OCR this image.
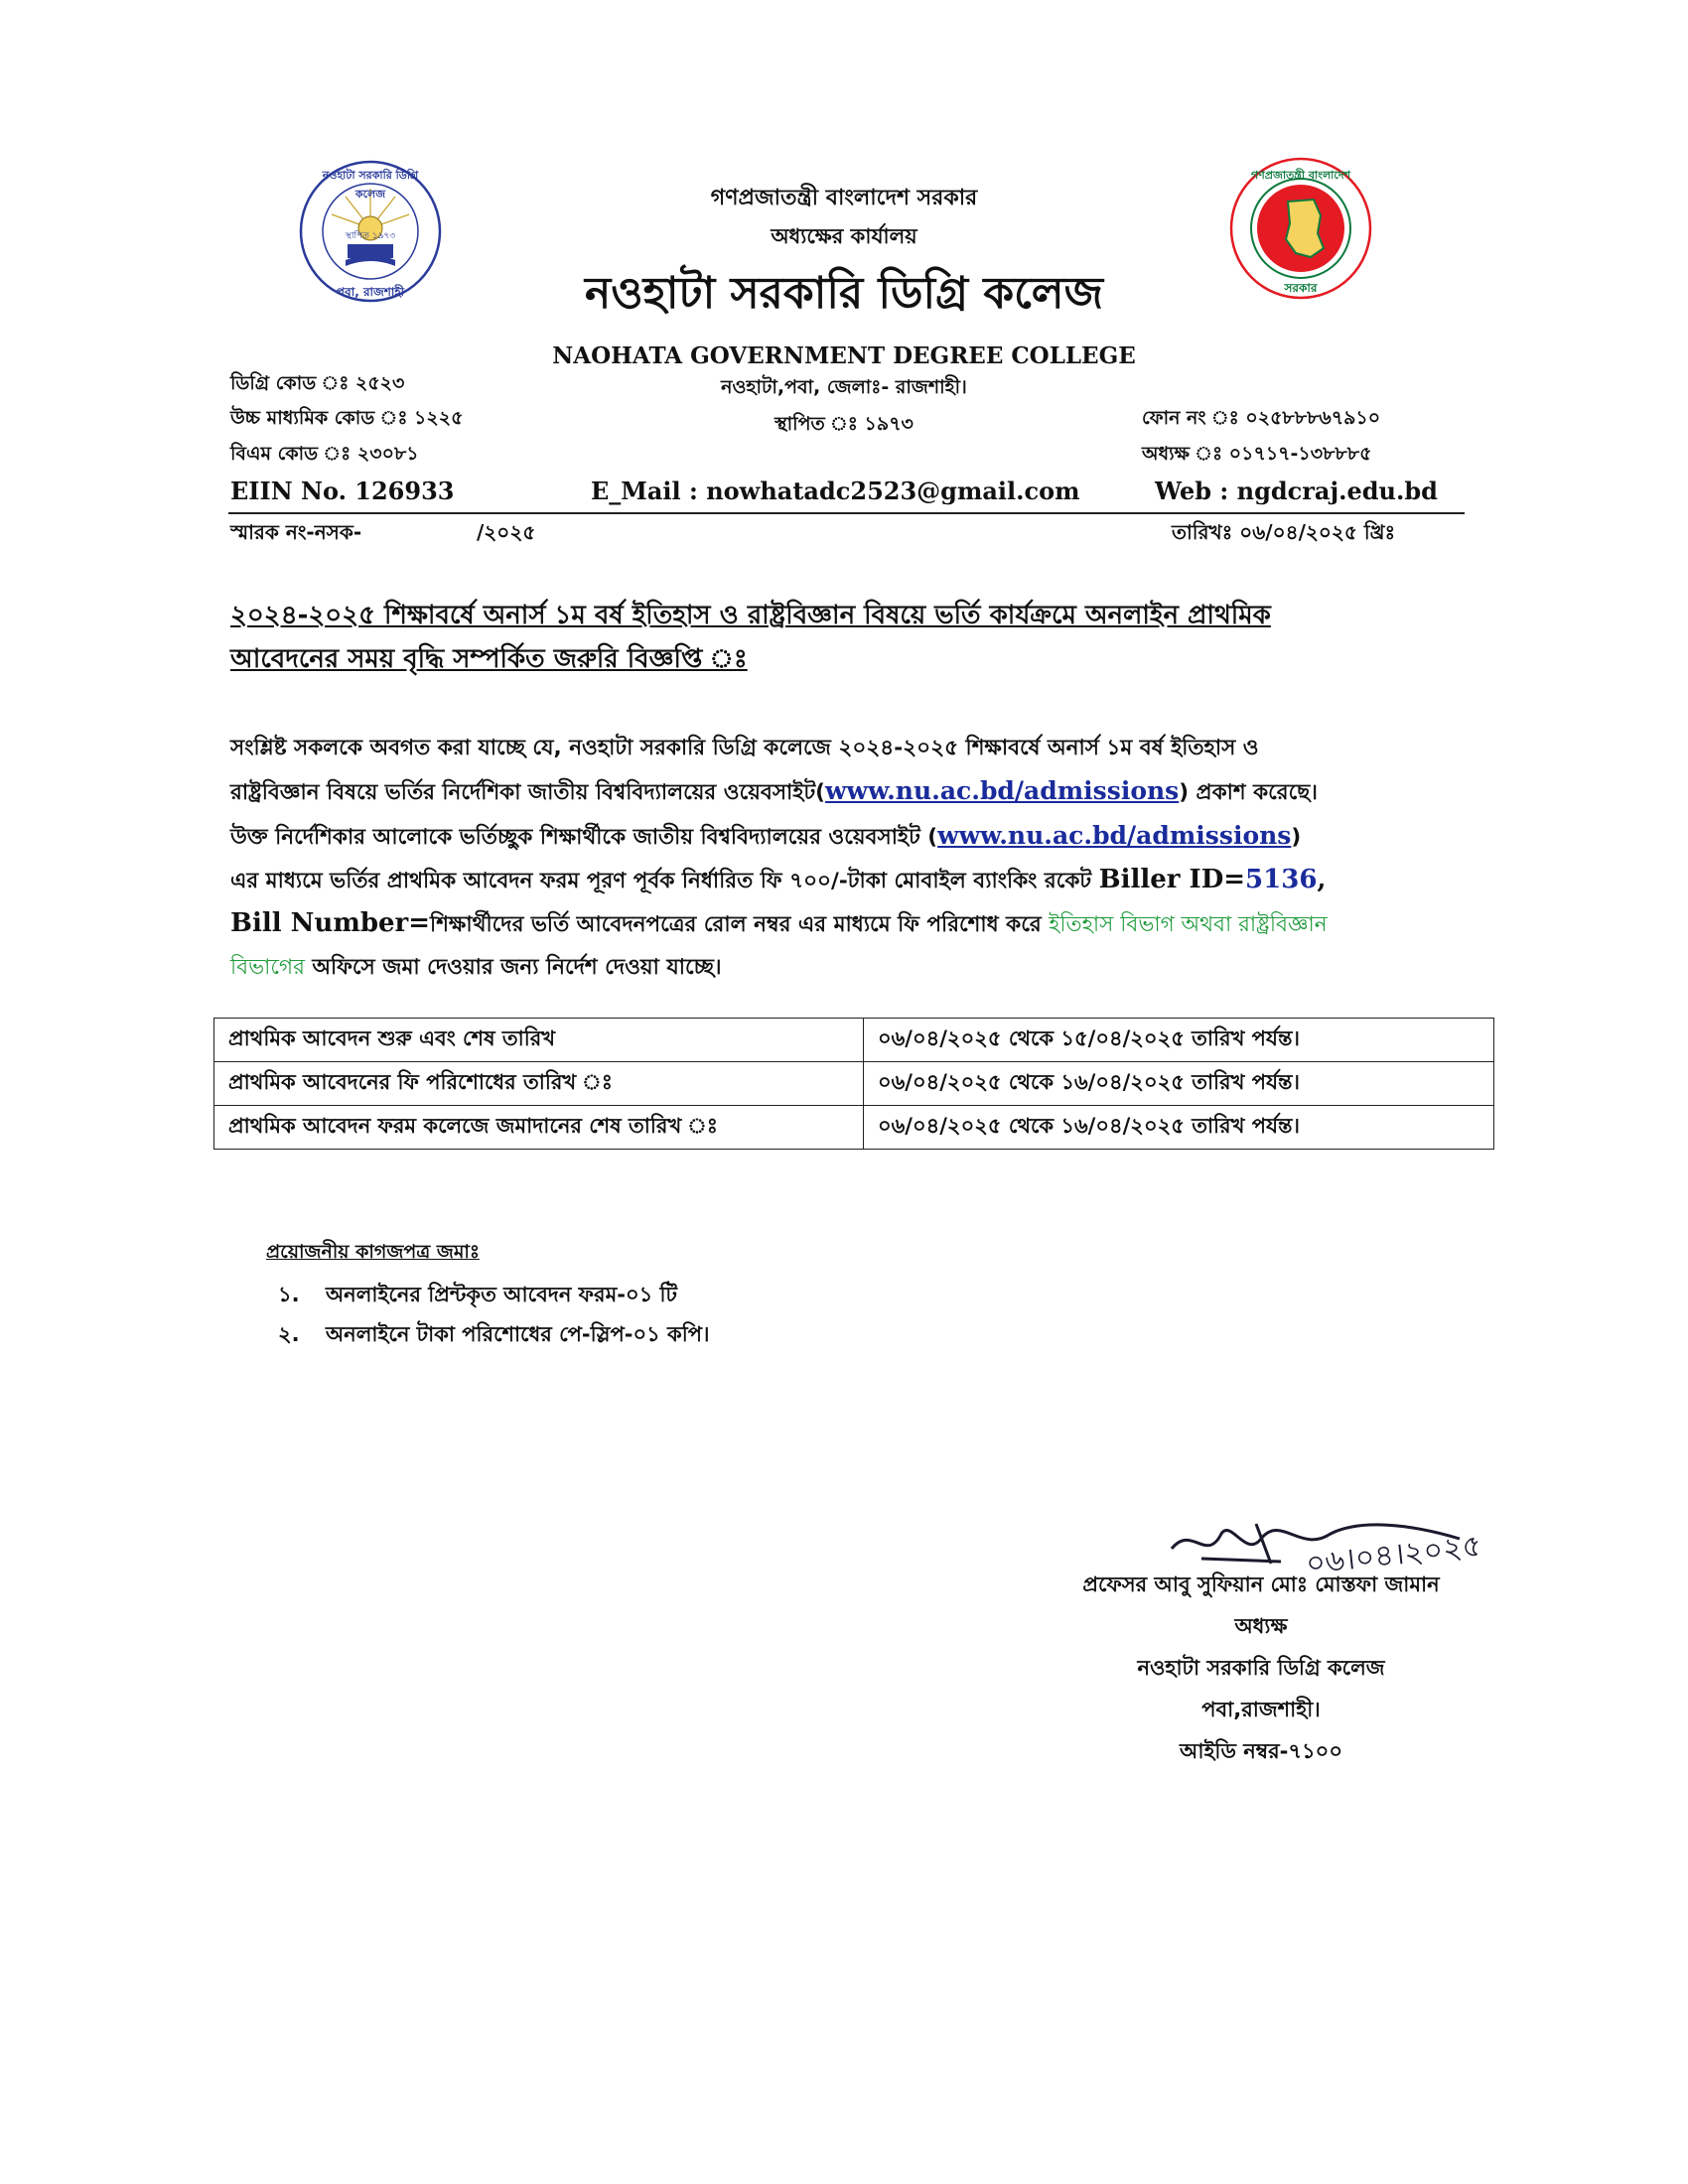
নওহাটা সরকারি ডিগ্রি কলেজ
স্থাপিত ১৯৭৩
পবা, রাজশাহী
গণপ্রজাতন্ত্রী বাংলাদেশ
সরকার
গণপ্রজাতন্ত্রী বাংলাদেশ সরকার
অধ্যক্ষের কার্যালয়
নওহাটা সরকারি ডিগ্রি কলেজ
NAOHATA GOVERNMENT DEGREE COLLEGE
নওহাটা,পবা, জেলাঃ- রাজশাহী।
স্থাপিত ঃ ১৯৭৩
ডিগ্রি কোড ঃ ২৫২৩
উচ্চ মাধ্যমিক কোড ঃ ১২২৫
বিএম কোড ঃ ২৩০৮১
ফোন নং ঃ ০২৫৮৮৮৬৭৯১০
অধ্যক্ষ ঃ ০১৭১৭-১৩৮৮৮৫
EIIN No. 126933	E_Mail : nowhatadc2523@gmail.com	Web : ngdcraj.edu.bd
স্মারক নং-নসক-	/২০২৫	তারিখঃ ০৬/০৪/২০২৫ খ্রিঃ
২০২৪-২০২৫ শিক্ষাবর্ষে অনার্স ১ম বর্ষ ইতিহাস ও রাষ্ট্রবিজ্ঞান বিষয়ে ভর্তি কার্যক্রমে অনলাইন প্রাথমিক
আবেদনের সময় বৃদ্ধি সম্পর্কিত জরুরি বিজ্ঞপ্তি ঃ
সংশ্লিষ্ট সকলকে অবগত করা যাচ্ছে যে, নওহাটা সরকারি ডিগ্রি কলেজে ২০২৪-২০২৫ শিক্ষাবর্ষে অনার্স ১ম বর্ষ ইতিহাস ও
রাষ্ট্রবিজ্ঞান বিষয়ে ভর্তির নির্দেশিকা জাতীয় বিশ্ববিদ্যালয়ের ওয়েবসাইট(www.nu.ac.bd/admissions) প্রকাশ করেছে।
উক্ত নির্দেশিকার আলোকে ভর্তিচ্ছুক শিক্ষার্থীকে জাতীয় বিশ্ববিদ্যালয়ের ওয়েবসাইট (www.nu.ac.bd/admissions)
এর মাধ্যমে ভর্তির প্রাথমিক আবেদন ফরম পূরণ পূর্বক নির্ধারিত ফি ৭০০/-টাকা মোবাইল ব্যাংকিং রকেট Biller ID=5136,
Bill Number=শিক্ষার্থীদের ভর্তি আবেদনপত্রের রোল নম্বর এর মাধ্যমে ফি পরিশোধ করে ইতিহাস বিভাগ অথবা রাষ্ট্রবিজ্ঞান
বিভাগের অফিসে জমা দেওয়ার জন্য নির্দেশ দেওয়া যাচ্ছে।
প্রাথমিক আবেদন শুরু এবং শেষ তারিখ	০৬/০৪/২০২৫ থেকে ১৫/০৪/২০২৫ তারিখ পর্যন্ত।
প্রাথমিক আবেদনের ফি পরিশোধের তারিখ ঃ	০৬/০৪/২০২৫ থেকে ১৬/০৪/২০২৫ তারিখ পর্যন্ত।
প্রাথমিক আবেদন ফরম কলেজে জমাদানের শেষ তারিখ ঃ	০৬/০৪/২০২৫ থেকে ১৬/০৪/২০২৫ তারিখ পর্যন্ত।
প্রয়োজনীয় কাগজপত্র জমাঃ
১. অনলাইনের প্রিন্টকৃত আবেদন ফরম-০১ টি
২. অনলাইনে টাকা পরিশোধের পে-স্লিপ-০১ কপি।
০৬।০৪।২০২৫
প্রফেসর আবু সুফিয়ান মোঃ মোস্তফা জামান
অধ্যক্ষ
নওহাটা সরকারি ডিগ্রি কলেজ
পবা,রাজশাহী।
আইডি নম্বর-৭১০০
